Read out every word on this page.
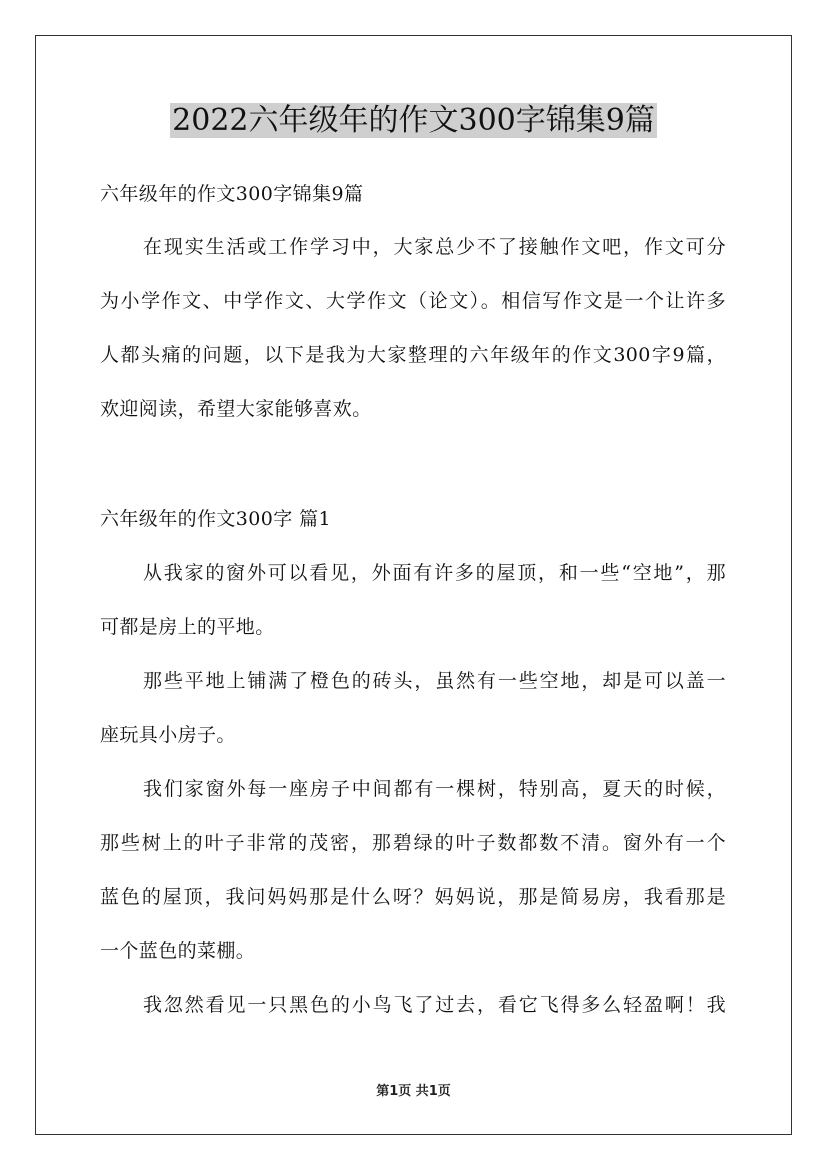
2022六年级年的作文300字锦集9篇

六年级年的作文300字锦集9篇

在现实生活或工作学习中，大家总少不了接触作文吧，作文可分

为小学作文、中学作文、大学作文（论文）。相信写作文是一个让许多

人都头痛的问题，以下是我为大家整理的六年级年的作文300字9篇，

欢迎阅读，希望大家能够喜欢。

六年级年的作文300字 篇1

从我家的窗外可以看见，外面有许多的屋顶，和一些“空地”，那

可都是房上的平地。

那些平地上铺满了橙色的砖头，虽然有一些空地，却是可以盖一

座玩具小房子。

我们家窗外每一座房子中间都有一棵树，特别高，夏天的时候，

那些树上的叶子非常的茂密，那碧绿的叶子数都数不清。窗外有一个

蓝色的屋顶，我问妈妈那是什么呀？妈妈说，那是简易房，我看那是

一个蓝色的菜棚。

我忽然看见一只黑色的小鸟飞了过去，看它飞得多么轻盈啊！我

第1页 共1页
